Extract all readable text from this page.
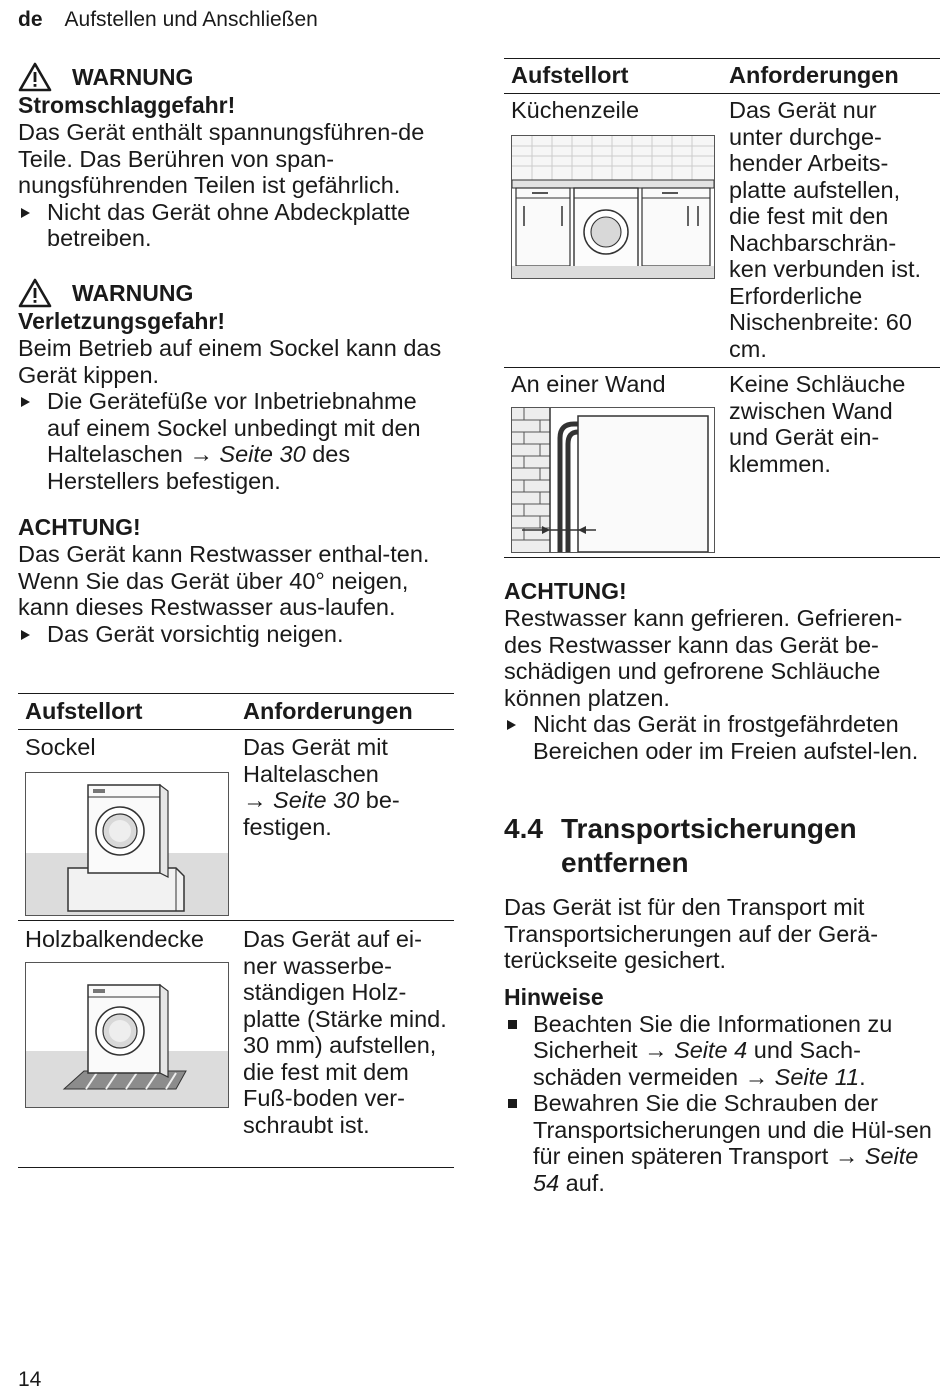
de Aufstellen und Anschließen
WARNUNG
Stromschlaggefahr!

Das Gerät enthält spannungsführen-de Teile. Das Berühren von span-nungsführenden Teilen ist gefährlich.

Nicht das Gerät ohne Abdeckplatte betreiben.

WARNUNG
Verletzungsgefahr!

Beim Betrieb auf einem Sockel kann das Gerät kippen.

Die Gerätefüße vor Inbetriebnahme auf einem Sockel unbedingt mit den Haltelaschen → Seite 30 des Herstellers befestigen.

ACHTUNG!

Das Gerät kann Restwasser enthal-ten. Wenn Sie das Gerät über 40° neigen, kann dieses Restwasser aus-laufen.

Das Gerät vorsichtig neigen.

Aufstellort	Anforderungen
Sockel	Das Gerät mit Haltelaschen
→ Seite 30 be-festigen.
Holzbalkendecke Das Gerät auf ei-ner wasserbe-ständigen Holz-platte (Stärke mind. 30 mm) aufstellen, die fest mit dem Fuß-boden ver-schraubt ist.
Aufstellort	Anforderungen
Küchenzeile	Das Gerät nur unter durchge-hender Arbeits-platte aufstellen, die fest mit den Nachbarschrän-ken verbunden ist. Erforderliche Nischenbreite: 60 cm.
An einer Wand	Keine Schläuche zwischen Wand und Gerät ein-klemmen.
ACHTUNG!

Restwasser kann gefrieren. Gefrieren-des Restwasser kann das Gerät be-schädigen und gefrorene Schläuche können platzen.

Nicht das Gerät in frostgefährdeten Bereichen oder im Freien aufstel-len.

4.4 Transportsicherungen
entfernen

Das Gerät ist für den Transport mit Transportsicherungen auf der Gerä-terückseite gesichert.

Hinweise

Beachten Sie die Informationen zu Sicherheit → Seite 4 und Sach-schäden vermeiden → Seite 11.

Bewahren Sie die Schrauben der Transportsicherungen und die Hül-sen für einen späteren Transport → Seite 54 auf.

14
